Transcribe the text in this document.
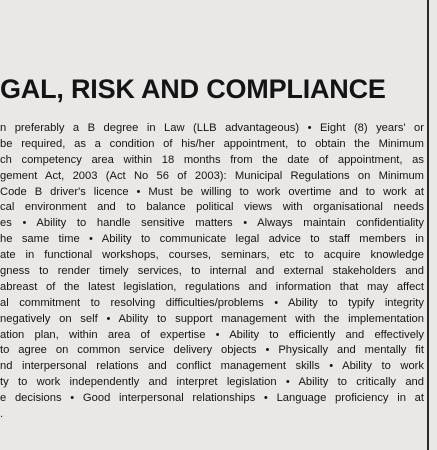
GAL, RISK AND COMPLIANCE
n preferably a B degree in Law (LLB advantageous) • Eight (8) years' or
be required, as a condition of his/her appointment, to obtain the Minimum
ch competency area within 18 months from the date of appointment, as
gement Act, 2003 (Act No 56 of 2003): Municipal Regulations on Minimum
Code B driver's licence • Must be willing to work overtime and to work at
cal environment and to balance political views with organisational needs
es • Ability to handle sensitive matters • Always maintain confidentiality
he same time • Ability to communicate legal advice to staff members in
ate in functional workshops, courses, seminars, etc to acquire knowledge
gness to render timely services, to internal and external stakeholders and
abreast of the latest legislation, regulations and information that may affect
al commitment to resolving difficulties/problems • Ability to typify integrity
negatively on self • Ability to support management with the implementation
ation plan, within area of expertise • Ability to efficiently and effectively
to agree on common service delivery objects • Physically and mentally fit
nd interpersonal relations and conflict management skills • Ability to work
ty to work independently and interpret legislation • Ability to critically and
e decisions • Good interpersonal relationships • Language proficiency in at
.
